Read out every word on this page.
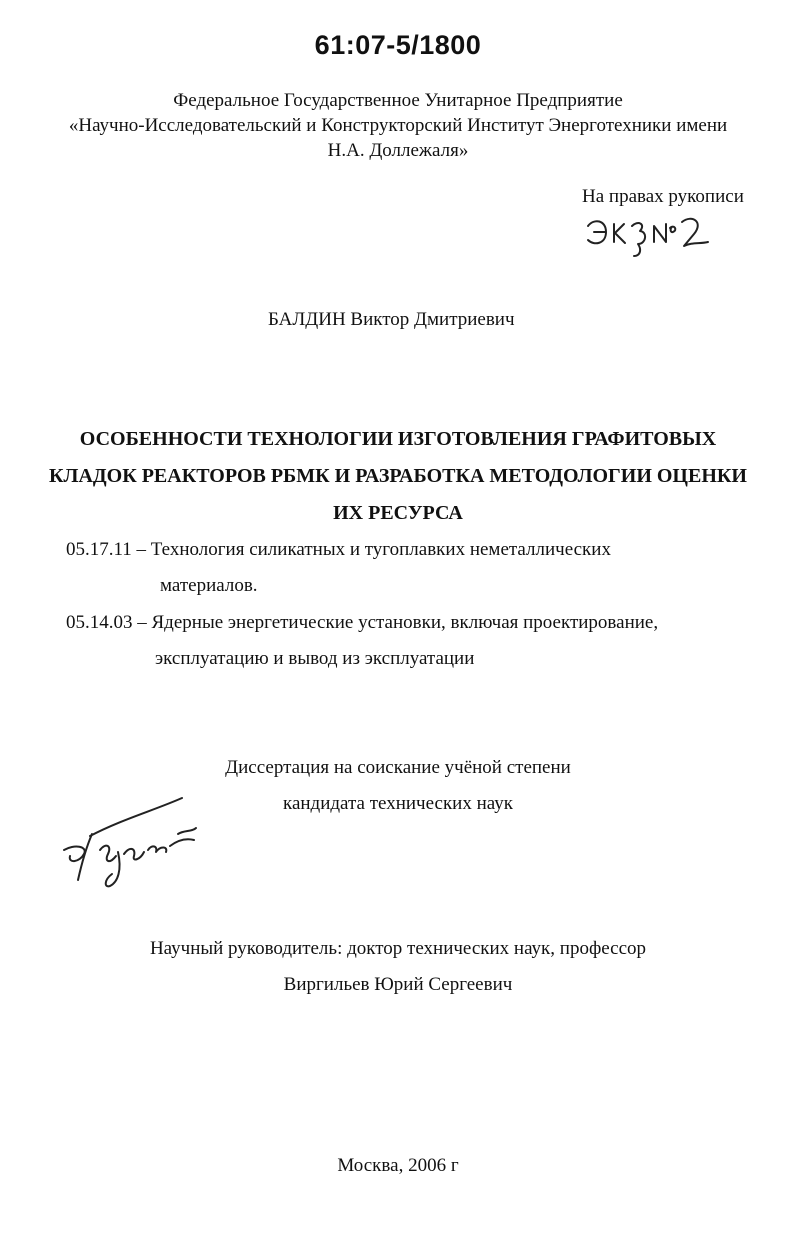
61:07-5/1800
Федеральное Государственное Унитарное Предприятие
«Научно-Исследовательский и Конструкторский Институт Энерготехники имени
Н.А. Доллежаля»
На правах рукописи
БАЛДИН Виктор Дмитриевич
ОСОБЕННОСТИ ТЕХНОЛОГИИ ИЗГОТОВЛЕНИЯ ГРАФИТОВЫХ
КЛАДОК РЕАКТОРОВ РБМК И РАЗРАБОТКА МЕТОДОЛОГИИ ОЦЕНКИ
ИХ РЕСУРСА
05.17.11 – Технология силикатных и тугоплавких неметаллических
материалов.
05.14.03 – Ядерные энергетические установки, включая проектирование,
эксплуатацию и вывод из эксплуатации
Диссертация на соискание учёной степени
кандидата технических наук
Научный руководитель: доктор технических наук, профессор
Виргильев Юрий Сергеевич
Москва, 2006 г
